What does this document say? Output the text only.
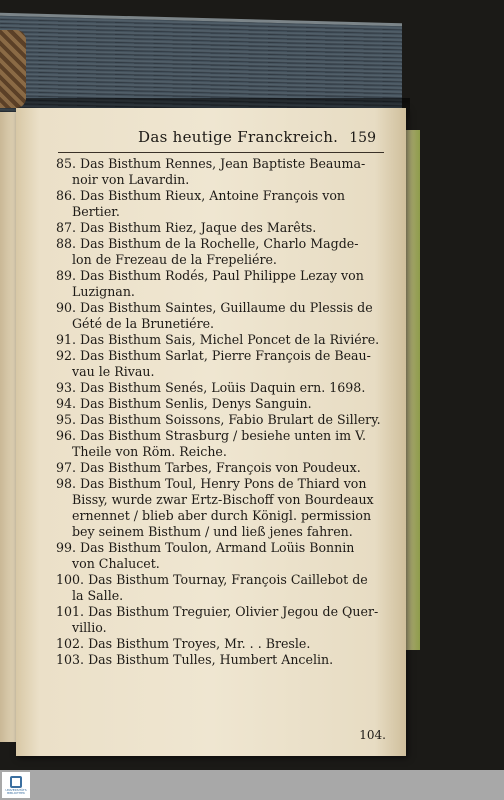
Das heutige Franckreich. 159
85. Das Bisthum Rennes, Jean Baptiste Beauma-
noir von Lavardin.
86. Das Bisthum Rieux, Antoine François von
Bertier.
87. Das Bisthum Riez, Jaque des Marêts.
88. Das Bisthum de la Rochelle, Charlo Magde-
lon de Frezeau de la Frepeliére.
89. Das Bisthum Rodés, Paul Philippe Lezay von
Luzignan.
90. Das Bisthum Saintes, Guillaume du Plessis de
Gété de la Brunetiére.
91. Das Bisthum Sais, Michel Poncet de la Riviére.
92. Das Bisthum Sarlat, Pierre François de Beau-
vau le Rivau.
93. Das Bisthum Senés, Loüis Daquin ern. 1698.
94. Das Bisthum Senlis, Denys Sanguin.
95. Das Bisthum Soissons, Fabio Brulart de Sillery.
96. Das Bisthum Strasburg / besiehe unten im V.
Theile von Röm. Reiche.
97. Das Bisthum Tarbes, François von Poudeux.
98. Das Bisthum Toul, Henry Pons de Thiard von
Bissy, wurde zwar Ertz-Bischoff von Bourdeaux
ernennet / blieb aber durch Königl. permission
bey seinem Bisthum / und ließ jenes fahren.
99. Das Bisthum Toulon, Armand Loüis Bonnin
von Chalucet.
100. Das Bisthum Tournay, François Caillebot de
la Salle.
101. Das Bisthum Treguier, Olivier Jegou de Quer-
villio.
102. Das Bisthum Troyes, Mr. . . Bresle.
103. Das Bisthum Tulles, Humbert Ancelin.
104.
UNIVERSITÄTS BIBLIOTHEK
